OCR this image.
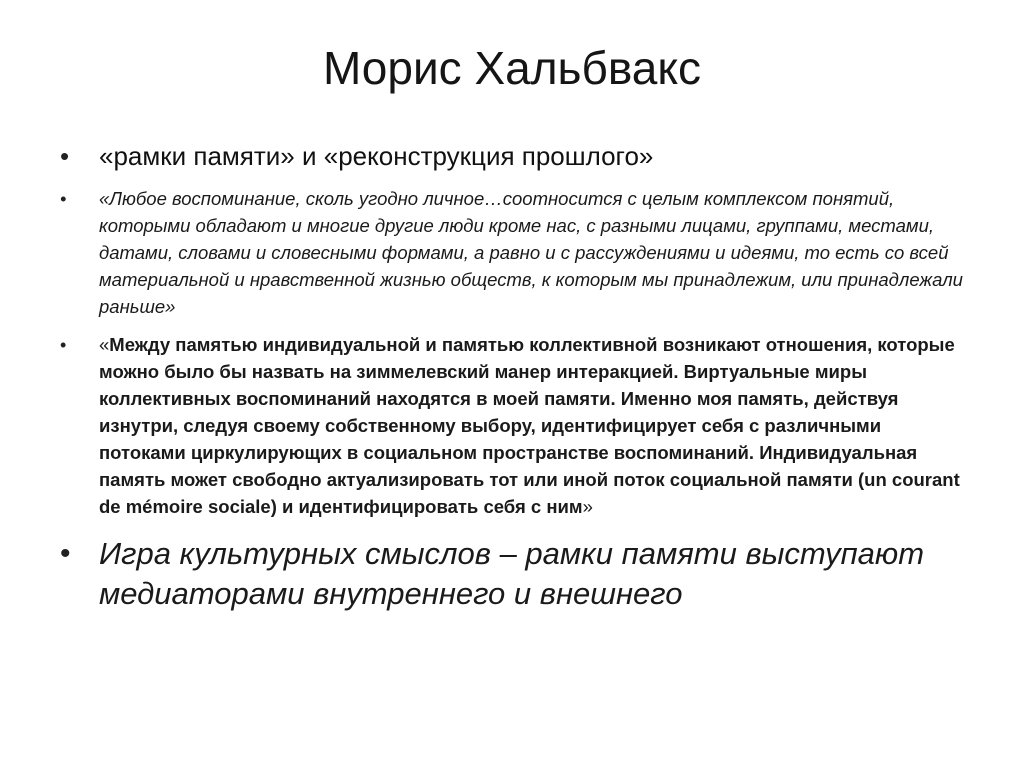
Морис Хальбвакс
• «рамки памяти» и «реконструкция прошлого»
• «Любое воспоминание, сколь угодно личное…соотносится с целым комплексом понятий, которыми обладают и многие другие люди кроме нас, с разными лицами, группами, местами, датами, словами и словесными формами, а равно и с рассуждениями и идеями, то есть со всей материальной и нравственной жизнью обществ, к которым мы принадлежим, или принадлежали раньше»
• «Между памятью индивидуальной и памятью коллективной возникают отношения, которые можно было бы назвать на зиммелевский манер интеракцией. Виртуальные миры коллективных воспоминаний находятся в моей памяти. Именно моя память, действуя изнутри, следуя своему собственному выбору, идентифицирует себя с различными потоками циркулирующих в социальном пространстве воспоминаний. Индивидуальная память может свободно актуализировать тот или иной поток социальной памяти (un courant de mémoire sociale) и идентифицировать себя с ним»
• Игра культурных смыслов – рамки памяти выступают медиаторами внутреннего и внешнего
